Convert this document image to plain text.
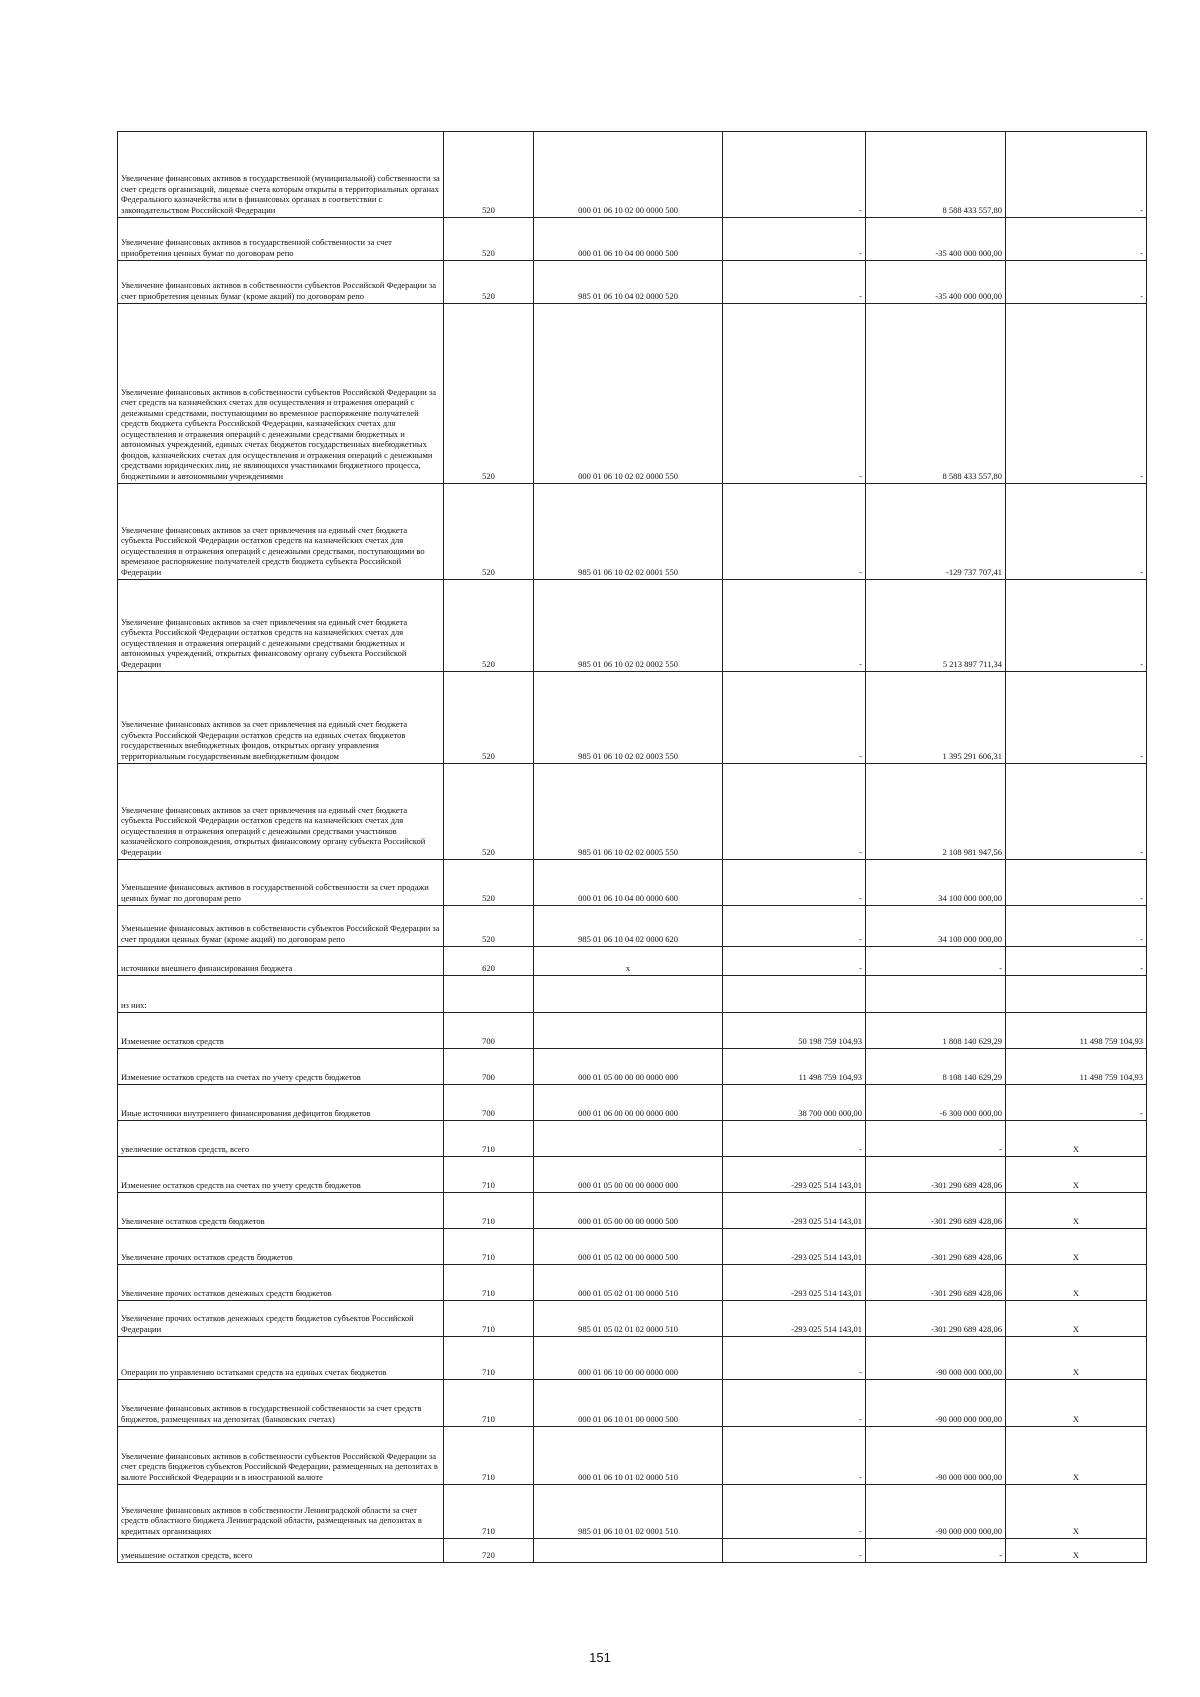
Увеличение финансовых активов в государственной (муниципальной) собственности за счет средств организаций, лицевые счета которым открыты в территориальных органах Федерального казначейства или в финансовых органах в соответствии с законодательством Российской Федерации	520	000 01 06 10 02 00 0000 500	-	8 588 433 557,80	-
Увеличение финансовых активов в государственной собственности за счет приобретения ценных бумаг по договорам репо	520	000 01 06 10 04 00 0000 500	-	-35 400 000 000,00	-
Увеличение финансовых активов в собственности субъектов Российской Федерации за счет приобретения ценных бумаг (кроме акций) по договорам репо	520	985 01 06 10 04 02 0000 520	-	-35 400 000 000,00	-
Увеличение финансовых активов в собственности субъектов Российской Федерации за счет средств на казначейских счетах для осуществления и отражения операций с денежными средствами, поступающими во временное распоряжение получателей средств бюджета субъекта Российской Федерации, казначейских счетах для осуществления и отражения операций с денежными средствами бюджетных и автономных учреждений, единых счетах бюджетов государственных внебюджетных фондов, казначейских счетах для осуществления и отражения операций с денежными средствами юридических лиц, не являющихся участниками бюджетного процесса, бюджетными и автономными учреждениями	520	000 01 06 10 02 02 0000 550	-	8 588 433 557,80	-
Увеличение финансовых активов за счет привлечения на единый счет бюджета субъекта Российской Федерации остатков средств на казначейских счетах для осуществления и отражения операций с денежными средствами, поступающими во временное распоряжение получателей средств бюджета субъекта Российской Федерации	520	985 01 06 10 02 02 0001 550	-	-129 737 707,41	-
Увеличение финансовых активов за счет привлечения на единый счет бюджета субъекта Российской Федерации остатков средств на казначейских счетах для осуществления и отражения операций с денежными средствами бюджетных и автономных учреждений, открытых финансовому органу субъекта Российской Федерации	520	985 01 06 10 02 02 0002 550	-	5 213 897 711,34	-
Увеличение финансовых активов за счет привлечения на единый счет бюджета субъекта Российской Федерации остатков средств на единых счетах бюджетов государственных внебюджетных фондов, открытых органу управления территориальным государственным внебюджетным фондом	520	985 01 06 10 02 02 0003 550	-	1 395 291 606,31	-
Увеличение финансовых активов за счет привлечения на единый счет бюджета субъекта Российской Федерации остатков средств на казначейских счетах для осуществления и отражения операций с денежными средствами участников казначейского сопровождения, открытых финансовому органу субъекта Российской Федерации	520	985 01 06 10 02 02 0005 550	-	2 108 981 947,56	-
Уменьшение финансовых активов в государственной собственности за счет продажи ценных бумаг по договорам репо	520	000 01 06 10 04 00 0000 600	-	34 100 000 000,00	-
Уменьшение финансовых активов в собственности субъектов Российской Федерации за счет продажи ценных бумаг (кроме акций) по договорам репо	520	985 01 06 10 04 02 0000 620	-	34 100 000 000,00	-
источники внешнего финансирования бюджета	620	x	-	-	-
из них:					
Изменение остатков средств	700		50 198 759 104,93	1 808 140 629,29	11 498 759 104,93
Изменение остатков средств на счетах по учету средств бюджетов	700	000 01 05 00 00 00 0000 000	11 498 759 104,93	8 108 140 629,29	11 498 759 104,93
Иные источники внутреннего финансирования дефицитов бюджетов	700	000 01 06 00 00 00 0000 000	38 700 000 000,00	-6 300 000 000,00	-
увеличение остатков средств, всего	710		-	-	X
Изменение остатков средств на счетах по учету средств бюджетов	710	000 01 05 00 00 00 0000 000	-293 025 514 143,01	-301 290 689 428,06	X
Увеличение остатков средств бюджетов	710	000 01 05 00 00 00 0000 500	-293 025 514 143,01	-301 290 689 428,06	X
Увеличение прочих остатков средств бюджетов	710	000 01 05 02 00 00 0000 500	-293 025 514 143,01	-301 290 689 428,06	X
Увеличение прочих остатков денежных средств бюджетов	710	000 01 05 02 01 00 0000 510	-293 025 514 143,01	-301 290 689 428,06	X
Увеличение прочих остатков денежных средств бюджетов субъектов Российской Федерации	710	985 01 05 02 01 02 0000 510	-293 025 514 143,01	-301 290 689 428,06	X
Операции по управлению остатками средств на единых счетах бюджетов	710	000 01 06 10 00 00 0000 000	-	-90 000 000 000,00	X
Увеличение финансовых активов в государственной собственности за счет средств бюджетов, размещенных на депозитах (банковских счетах)	710	000 01 06 10 01 00 0000 500	-	-90 000 000 000,00	X
Увеличение финансовых активов в собственности субъектов Российской Федерации за счет средств бюджетов субъектов Российской Федерации, размещенных на депозитах в валюте Российской Федерации и в иностранной валюте	710	000 01 06 10 01 02 0000 510	-	-90 000 000 000,00	X
Увеличение финансовых активов в собственности Ленинградской области за счет средств областного бюджета Ленинградской области, размещенных на депозитах в кредитных организациях	710	985 01 06 10 01 02 0001 510	-	-90 000 000 000,00	X
уменьшение остатков средств, всего	720		-	-	X
151
